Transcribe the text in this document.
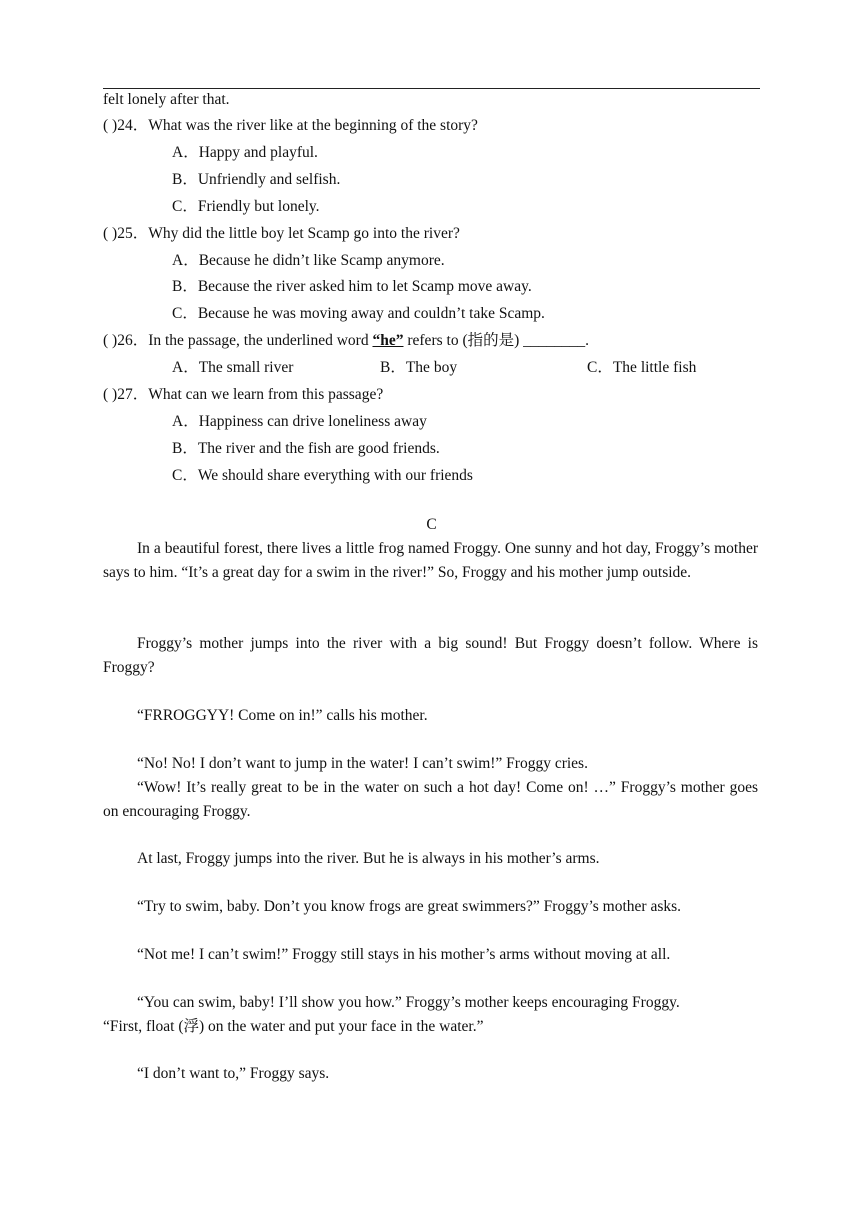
felt lonely after that.
( )24．What was the river like at the beginning of the story?
A．Happy and playful.
B．Unfriendly and selfish.
C．Friendly but lonely.
( )25．Why did the little boy let Scamp go into the river?
A．Because he didn’t like Scamp anymore.
B．Because the river asked him to let Scamp move away.
C．Because he was moving away and couldn’t take Scamp.
( )26．In the passage, the underlined word “he” refers to (指的是) ________.
A．The small river	B．The boy	C．The little fish
( )27．What can we learn from this passage?
A．Happiness can drive loneliness away
B．The river and the fish are good friends.
C．We should share everything with our friends
C
In a beautiful forest, there lives a little frog named Froggy. One sunny and hot day, Froggy’s mother says to him. “It’s a great day for a swim in the river!” So, Froggy and his mother jump outside.
Froggy’s mother jumps into the river with a big sound! But Froggy doesn’t follow. Where is Froggy?
“FRROGGYY! Come on in!” calls his mother.
“No! No! I don’t want to jump in the water! I can’t swim!” Froggy cries.
“Wow! It’s really great to be in the water on such a hot day! Come on! …” Froggy’s mother goes on encouraging Froggy.
At last, Froggy jumps into the river. But he is always in his mother’s arms.
“Try to swim, baby. Don’t you know frogs are great swimmers?” Froggy’s mother asks.
“Not me! I can’t swim!” Froggy still stays in his mother’s arms without moving at all.
“You can swim, baby! I’ll show you how.” Froggy’s mother keeps encouraging Froggy.
“First, float (浮) on the water and put your face in the water.”
“I don’t want to,” Froggy says.
